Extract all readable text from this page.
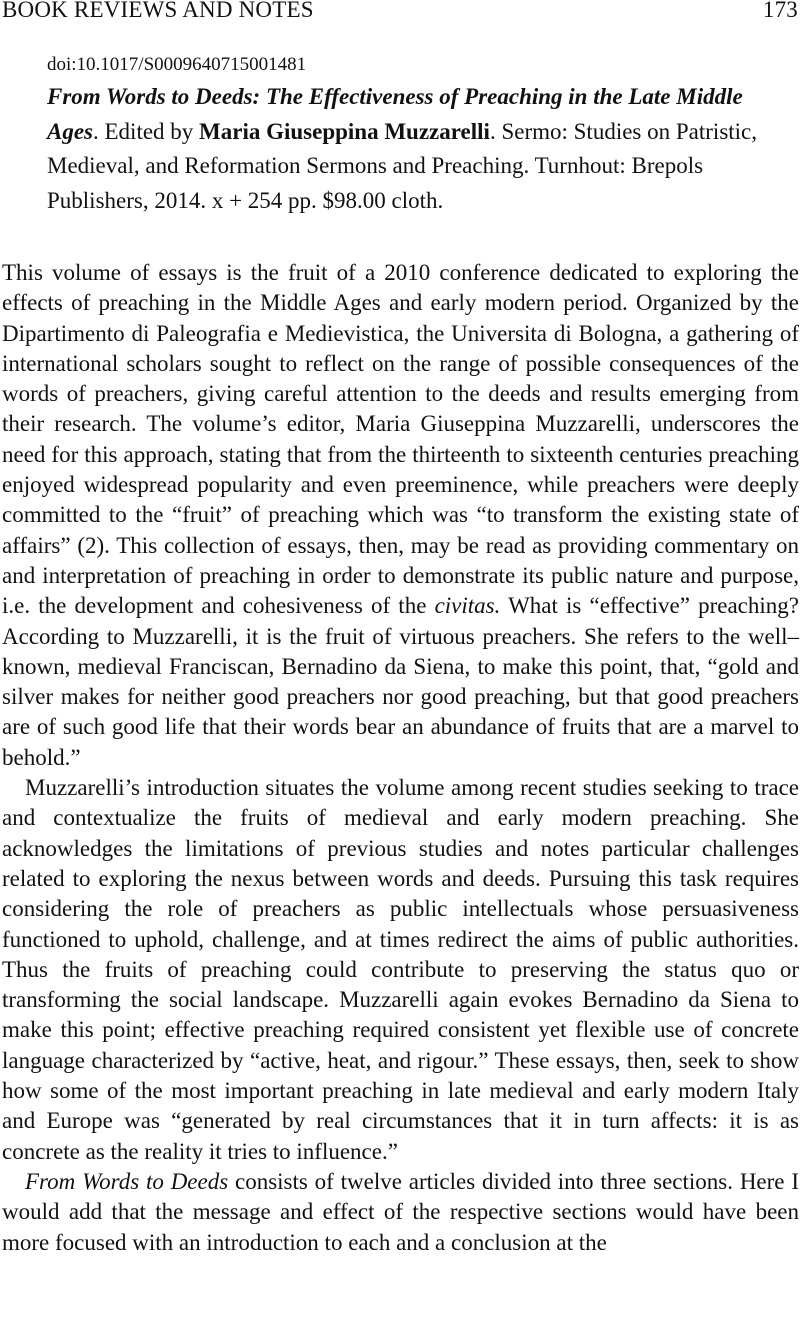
BOOK REVIEWS AND NOTES	173
doi:10.1017/S0009640715001481
From Words to Deeds: The Effectiveness of Preaching in the Late Middle Ages. Edited by Maria Giuseppina Muzzarelli. Sermo: Studies on Patristic, Medieval, and Reformation Sermons and Preaching. Turnhout: Brepols Publishers, 2014. x + 254 pp. $98.00 cloth.

This volume of essays is the fruit of a 2010 conference dedicated to exploring the effects of preaching in the Middle Ages and early modern period. Organized by the Dipartimento di Paleografia e Medievistica, the Universita di Bologna, a gathering of international scholars sought to reflect on the range of possible consequences of the words of preachers, giving careful attention to the deeds and results emerging from their research. The volume’s editor, Maria Giuseppina Muzzarelli, underscores the need for this approach, stating that from the thirteenth to sixteenth centuries preaching enjoyed widespread popularity and even preeminence, while preachers were deeply committed to the “fruit” of preaching which was “to transform the existing state of affairs” (2). This collection of essays, then, may be read as providing commentary on and interpretation of preaching in order to demonstrate its public nature and purpose, i.e. the development and cohesiveness of the civitas. What is “effective” preaching? According to Muzzarelli, it is the fruit of virtuous preachers. She refers to the well–known, medieval Franciscan, Bernadino da Siena, to make this point, that, “gold and silver makes for neither good preachers nor good preaching, but that good preachers are of such good life that their words bear an abundance of fruits that are a marvel to behold.”

Muzzarelli’s introduction situates the volume among recent studies seeking to trace and contextualize the fruits of medieval and early modern preaching. She acknowledges the limitations of previous studies and notes particular challenges related to exploring the nexus between words and deeds. Pursuing this task requires considering the role of preachers as public intellectuals whose persuasiveness functioned to uphold, challenge, and at times redirect the aims of public authorities. Thus the fruits of preaching could contribute to preserving the status quo or transforming the social landscape. Muzzarelli again evokes Bernadino da Siena to make this point; effective preaching required consistent yet flexible use of concrete language characterized by “active, heat, and rigour.” These essays, then, seek to show how some of the most important preaching in late medieval and early modern Italy and Europe was “generated by real circumstances that it in turn affects: it is as concrete as the reality it tries to influence.”

From Words to Deeds consists of twelve articles divided into three sections. Here I would add that the message and effect of the respective sections would have been more focused with an introduction to each and a conclusion at the
